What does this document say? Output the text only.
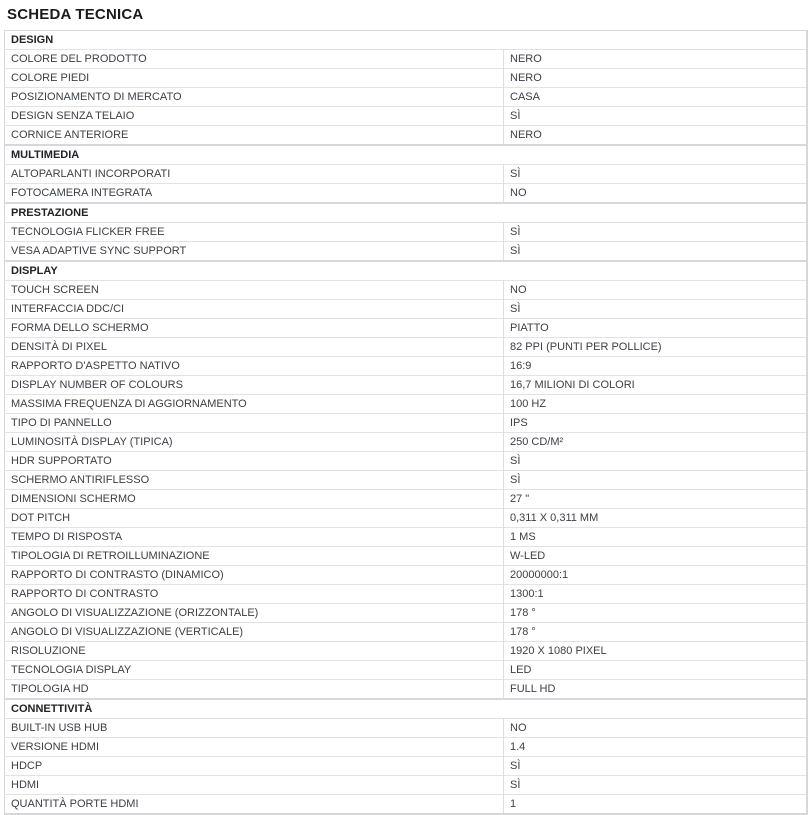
SCHEDA TECNICA
DESIGN	
COLORE DEL PRODOTTO	NERO
COLORE PIEDI	NERO
POSIZIONAMENTO DI MERCATO	CASA
DESIGN SENZA TELAIO	SÌ
CORNICE ANTERIORE	NERO
MULTIMEDIA	
ALTOPARLANTI INCORPORATI	SÌ
FOTOCAMERA INTEGRATA	NO
PRESTAZIONE	
TECNOLOGIA FLICKER FREE	SÌ
VESA ADAPTIVE SYNC SUPPORT	SÌ
DISPLAY	
TOUCH SCREEN	NO
INTERFACCIA DDC/CI	SÌ
FORMA DELLO SCHERMO	PIATTO
DENSITÀ DI PIXEL	82 PPI (PUNTI PER POLLICE)
RAPPORTO D'ASPETTO NATIVO	16:9
DISPLAY NUMBER OF COLOURS	16,7 MILIONI DI COLORI
MASSIMA FREQUENZA DI AGGIORNAMENTO	100 HZ
TIPO DI PANNELLO	IPS
LUMINOSITÀ DISPLAY (TIPICA)	250 CD/M²
HDR SUPPORTATO	SÌ
SCHERMO ANTIRIFLESSO	SÌ
DIMENSIONI SCHERMO	27 "
DOT PITCH	0,311 X 0,311 MM
TEMPO DI RISPOSTA	1 MS
TIPOLOGIA DI RETROILLUMINAZIONE	W-LED
RAPPORTO DI CONTRASTO (DINAMICO)	20000000:1
RAPPORTO DI CONTRASTO	1300:1
ANGOLO DI VISUALIZZAZIONE (ORIZZONTALE)	178 °
ANGOLO DI VISUALIZZAZIONE (VERTICALE)	178 °
RISOLUZIONE	1920 X 1080 PIXEL
TECNOLOGIA DISPLAY	LED
TIPOLOGIA HD	FULL HD
CONNETTIVITÀ	
BUILT-IN USB HUB	NO
VERSIONE HDMI	1.4
HDCP	SÌ
HDMI	SÌ
QUANTITÀ PORTE HDMI	1
